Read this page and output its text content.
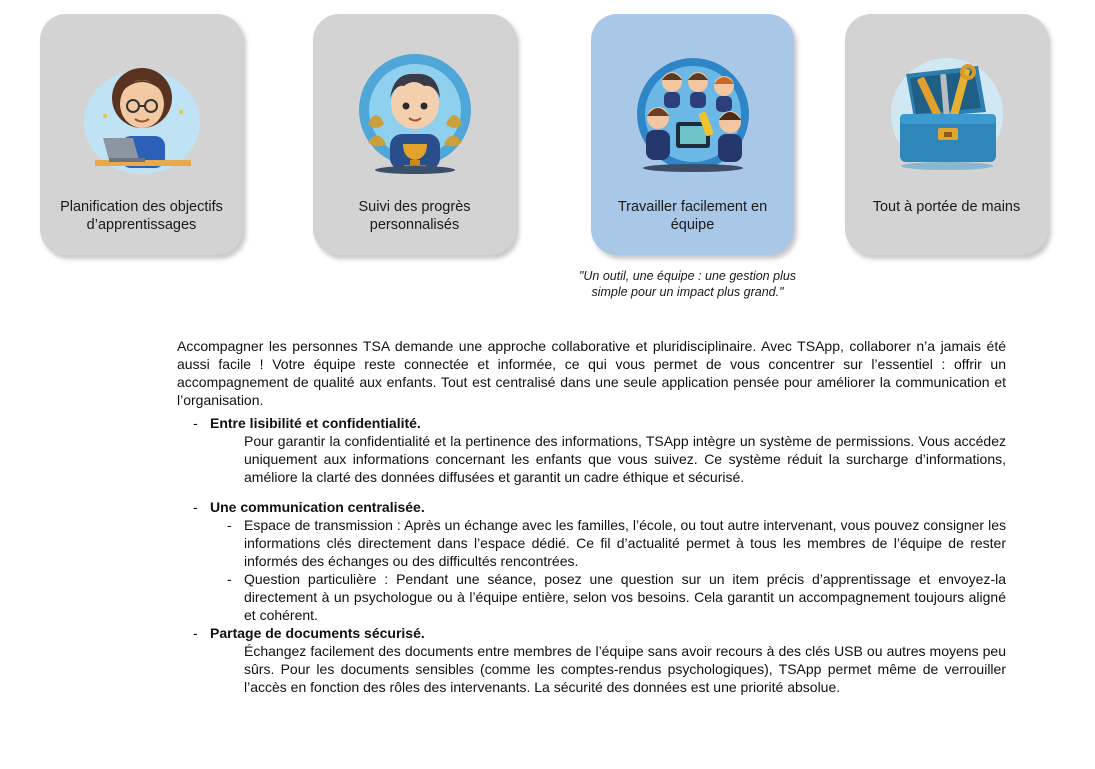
Planification des objectifs d’apprentissages
Suivi des progrès personnalisés
Travailler facilement en équipe
Tout à portée de mains
"Un outil, une équipe : une gestion plus simple pour un impact plus grand."

Accompagner les personnes TSA demande une approche collaborative et pluridisciplinaire. Avec TSApp, collaborer n’a jamais été aussi facile ! Votre équipe reste connectée et informée, ce qui vous permet de vous concentrer sur l’essentiel : offrir un accompagnement de qualité aux enfants. Tout est centralisé dans une seule application pensée pour améliorer la communication et l’organisation.

- Entre lisibilité et confidentialité.
Pour garantir la confidentialité et la pertinence des informations, TSApp intègre un système de permissions. Vous accédez uniquement aux informations concernant les enfants que vous suivez. Ce système réduit la surcharge d’informations, améliore la clarté des données diffusées et garantit un cadre éthique et sécurisé.
- Une communication centralisée.
- Espace de transmission : Après un échange avec les familles, l’école, ou tout autre intervenant, vous pouvez consigner les informations clés directement dans l’espace dédié. Ce fil d’actualité permet à tous les membres de l’équipe de rester informés des échanges ou des difficultés rencontrées.
- Question particulière : Pendant une séance, posez une question sur un item précis d’apprentissage et envoyez-la directement à un psychologue ou à l’équipe entière, selon vos besoins. Cela garantit un accompagnement toujours aligné et cohérent.
- Partage de documents sécurisé.
Échangez facilement des documents entre membres de l’équipe sans avoir recours à des clés USB ou autres moyens peu sûrs. Pour les documents sensibles (comme les comptes-rendus psychologiques), TSApp permet même de verrouiller l’accès en fonction des rôles des intervenants. La sécurité des données est une priorité absolue.
